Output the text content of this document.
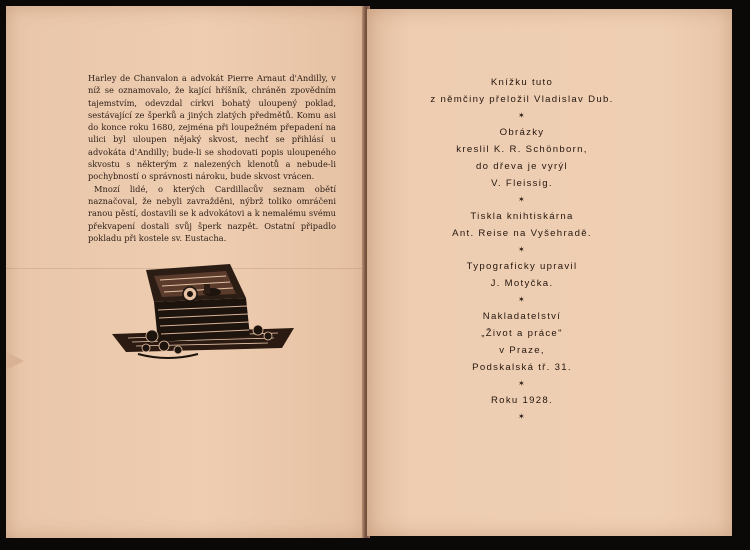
Harley de Chanvalon a advokát Pierre Arnaut d'Andilly, v níž se oznamovalo, že kající hříšník, chráněn zpovědním tajemstvím, odevzdal církvi bohatý uloupený poklad, sestávající ze šperků a jiných zlatých předmětů. Komu asi do konce roku 1680, zejména při loupežném přepadení na ulici byl uloupen nějaký skvost, nechť se přihlásí u advokáta d'Andilly; bude-li se shodovati popis uloupeného skvostu s některým z nalezených klenotů a nebude-li pochybností o správnosti nároku, bude skvost vrácen.

Mnozí lidé, o kterých Cardillacův seznam obětí naznačoval, že nebyli zavražděni, nýbrž toliko omráčeni ranou pěstí, dostavili se k advokátovi a k nemalému svému překvapení dostali svůj šperk nazpět. Ostatní připadlo pokladu při kostele sv. Eustacha.

Knížku tuto
z němčiny přeložil Vladislav Dub.
✶
Obrázky
kreslil K. R. Schönborn,
do dřeva je vyrýl
V. Fleissig.
✶
Tiskla knihtiskárna
Ant. Reise na Vyšehradě.
✶
Typograficky upravil
J. Motyčka.
✶
Nakladatelství
„Život a práce"
v Praze,
Podskalská tř. 31.
✶
Roku 1928.
✶
